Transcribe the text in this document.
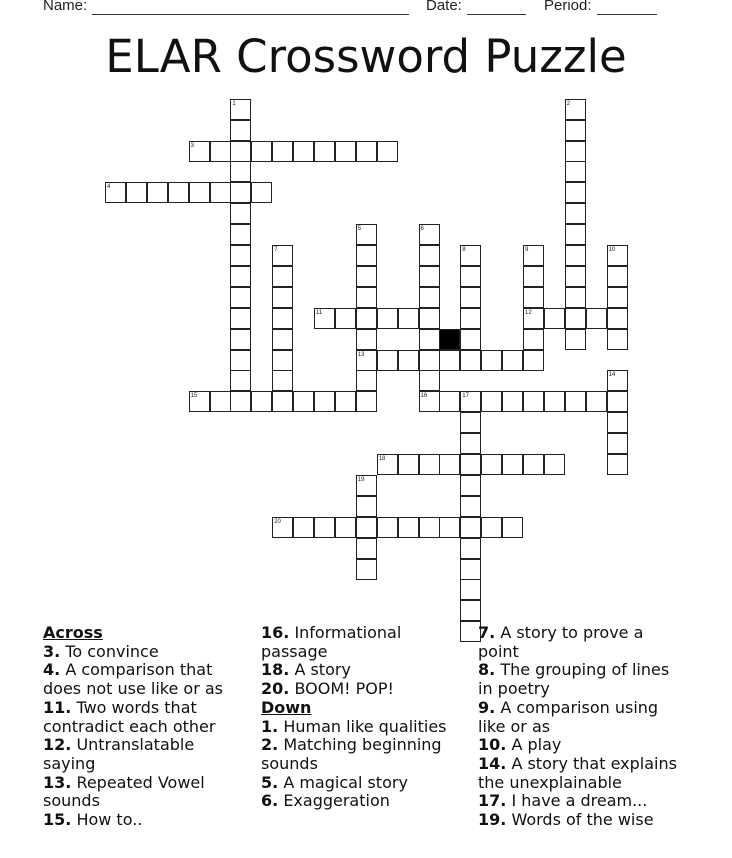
Name:	Date:	Period:
ELAR Crossword Puzzle
1	2
3
4
5
13
6
7	8	9
12
10
11
14
15	16	17
18
19
20

Across

3. To convince

4. A comparison that does not use like or as

11. Two words that contradict each other

12. Untranslatable saying

13. Repeated Vowel sounds

15. How to..

16. Informational passage

18. A story

20. BOOM! POP!

Down

1. Human like qualities

2. Matching beginning sounds

5. A magical story

6. Exaggeration

7. A story to prove a point

8. The grouping of lines in poetry

9. A comparison using like or as

10. A play

14. A story that explains the unexplainable

17. I have a dream...

19. Words of the wise
